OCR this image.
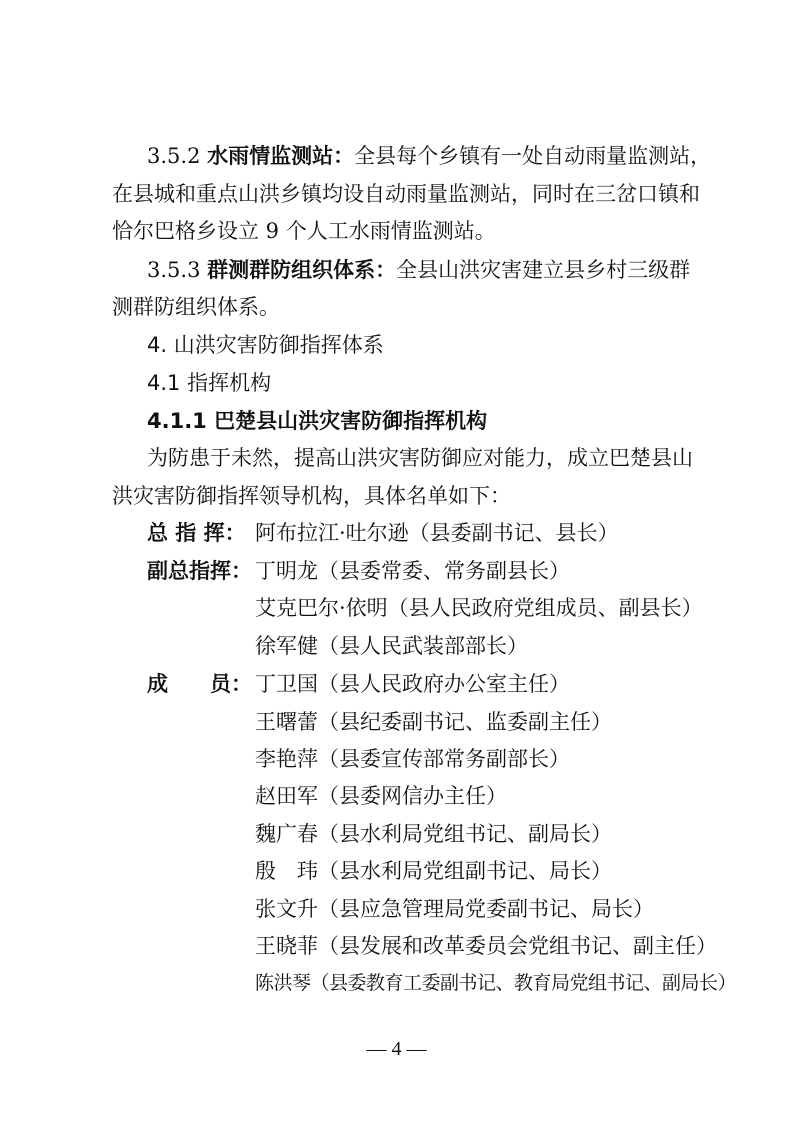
3.5.2 水雨情监测站：全县每个乡镇有一处自动雨量监测站，
在县城和重点山洪乡镇均设自动雨量监测站，同时在三岔口镇和
恰尔巴格乡设立 9 个人工水雨情监测站。
3.5.3 群测群防组织体系：全县山洪灾害建立县乡村三级群
测群防组织体系。
4. 山洪灾害防御指挥体系
4.1 指挥机构
4.1.1 巴楚县山洪灾害防御指挥机构
为防患于未然，提高山洪灾害防御应对能力，成立巴楚县山
洪灾害防御指挥领导机构，具体名单如下：
总 指 挥： 阿布拉江·吐尔逊（县委副书记、县长）
副总指挥： 丁明龙（县委常委、常务副县长）
艾克巴尔·依明（县人民政府党组成员、副县长）
徐军健（县人民武装部部长）
成　　员： 丁卫国（县人民政府办公室主任）
王曙蕾（县纪委副书记、监委副主任）
李艳萍（县委宣传部常务副部长）
赵田军（县委网信办主任）
魏广春（县水利局党组书记、副局长）
殷　玮（县水利局党组副书记、局长）
张文升（县应急管理局党委副书记、局长）
王晓菲（县发展和改革委员会党组书记、副主任）
陈洪琴（县委教育工委副书记、教育局党组书记、副局长）
— 4 —
